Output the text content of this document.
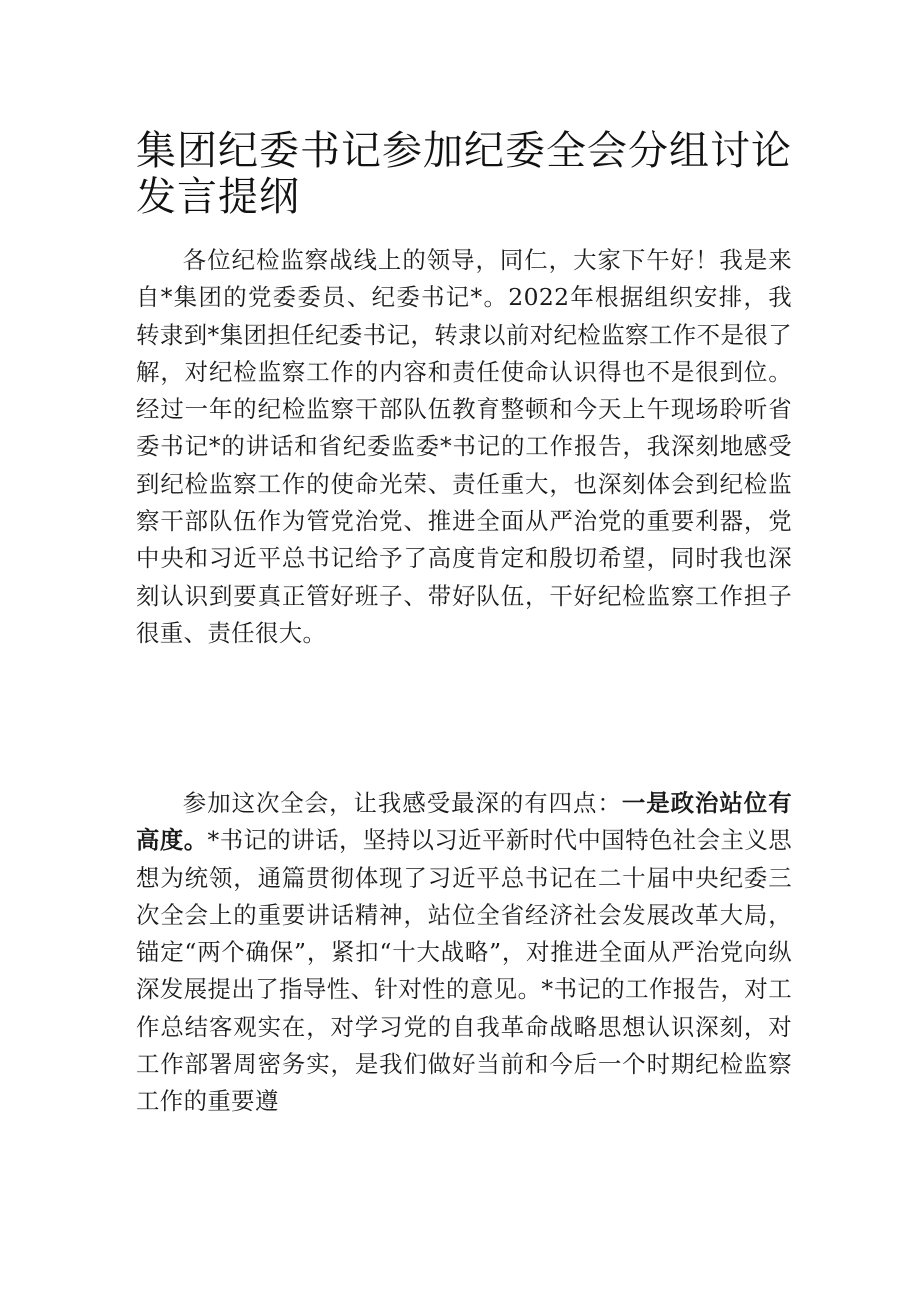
集团纪委书记参加纪委全会分组讨论发言提纲

各位纪检监察战线上的领导，同仁，大家下午好！我是来自*集团的党委委员、纪委书记*。2022年根据组织安排，我转隶到*集团担任纪委书记，转隶以前对纪检监察工作不是很了解，对纪检监察工作的内容和责任使命认识得也不是很到位。经过一年的纪检监察干部队伍教育整顿和今天上午现场聆听省委书记*的讲话和省纪委监委*书记的工作报告，我深刻地感受到纪检监察工作的使命光荣、责任重大，也深刻体会到纪检监察干部队伍作为管党治党、推进全面从严治党的重要利器，党中央和习近平总书记给予了高度肯定和殷切希望，同时我也深刻认识到要真正管好班子、带好队伍，干好纪检监察工作担子很重、责任很大。

参加这次全会，让我感受最深的有四点：一是政治站位有高度。*书记的讲话，坚持以习近平新时代中国特色社会主义思想为统领，通篇贯彻体现了习近平总书记在二十届中央纪委三次全会上的重要讲话精神，站位全省经济社会发展改革大局，锚定“两个确保”，紧扣“十大战略”，对推进全面从严治党向纵深发展提出了指导性、针对性的意见。*书记的工作报告，对工作总结客观实在，对学习党的自我革命战略思想认识深刻，对工作部署周密务实，是我们做好当前和今后一个时期纪检监察工作的重要遵
